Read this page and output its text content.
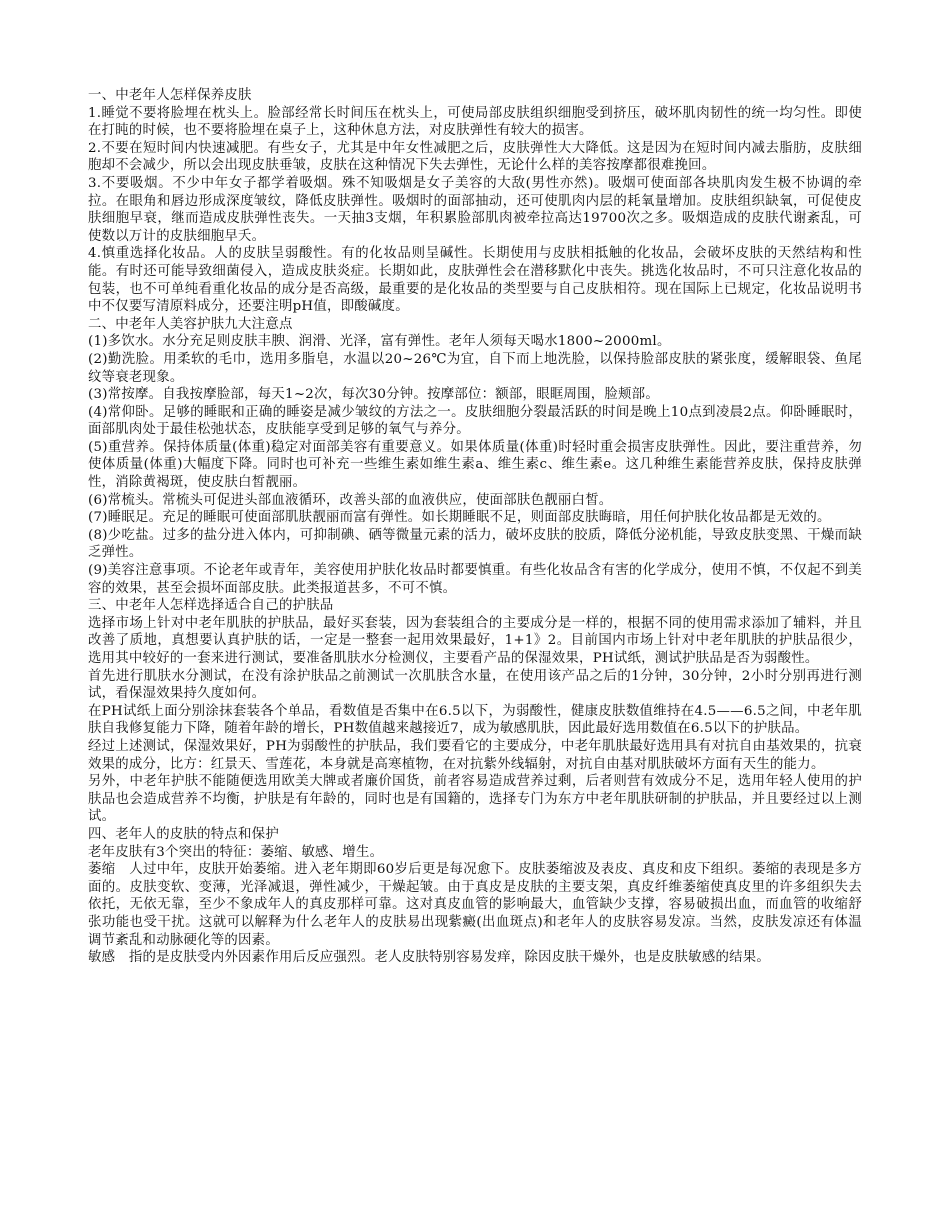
一、中老年人怎样保养皮肤

1.睡觉不要将脸埋在枕头上。脸部经常长时间压在枕头上，可使局部皮肤组织细胞受到挤压，破坏肌肉韧性的统一均匀性。即使在打盹的时候，也不要将脸埋在桌子上，这种休息方法，对皮肤弹性有较大的损害。

2.不要在短时间内快速减肥。有些女子，尤其是中年女性减肥之后，皮肤弹性大大降低。这是因为在短时间内减去脂肪，皮肤细胞却不会减少，所以会出现皮肤垂皱，皮肤在这种情况下失去弹性，无论什么样的美容按摩都很难挽回。

3.不要吸烟。不少中年女子都学着吸烟。殊不知吸烟是女子美容的大敌(男性亦然)。吸烟可使面部各块肌肉发生极不协调的牵拉。在眼角和唇边形成深度皱纹，降低皮肤弹性。吸烟时的面部抽动，还可使肌肉内层的耗氧量增加。皮肤组织缺氧，可促使皮肤细胞早衰，继而造成皮肤弹性丧失。一天抽3支烟，年积累脸部肌肉被牵拉高达19700次之多。吸烟造成的皮肤代谢紊乱，可使数以万计的皮肤细胞早夭。

4.慎重选择化妆品。人的皮肤呈弱酸性。有的化妆品则呈碱性。长期使用与皮肤相抵触的化妆品，会破坏皮肤的天然结构和性能。有时还可能导致细菌侵入，造成皮肤炎症。长期如此，皮肤弹性会在潜移默化中丧失。挑选化妆品时，不可只注意化妆品的包装，也不可单纯看重化妆品的成分是否高级，最重要的是化妆品的类型要与自己皮肤相符。现在国际上已规定，化妆品说明书中不仅要写清原料成分，还要注明pH值，即酸碱度。

二、中老年人美容护肤九大注意点

(1)多饮水。水分充足则皮肤丰腴、润滑、光泽，富有弹性。老年人须每天喝水1800~2000ml。

(2)勤洗脸。用柔软的毛巾，选用多脂皂，水温以20~26℃为宜，自下而上地洗脸，以保持脸部皮肤的紧张度，缓解眼袋、鱼尾纹等衰老现象。

(3)常按摩。自我按摩脸部，每天1~2次，每次30分钟。按摩部位：额部，眼眶周围，脸颊部。

(4)常仰卧。足够的睡眠和正确的睡姿是减少皱纹的方法之一。皮肤细胞分裂最活跃的时间是晚上10点到凌晨2点。仰卧睡眠时，面部肌肉处于最佳松弛状态，皮肤能享受到足够的氧气与养分。

(5)重营养。保持体质量(体重)稳定对面部美容有重要意义。如果体质量(体重)时轻时重会损害皮肤弹性。因此，要注重营养，勿使体质量(体重)大幅度下降。同时也可补充一些维生素如维生素a、维生素c、维生素e。这几种维生素能营养皮肤，保持皮肤弹性，消除黄褐斑，使皮肤白皙靓丽。

(6)常梳头。常梳头可促进头部血液循环，改善头部的血液供应，使面部肤色靓丽白皙。

(7)睡眠足。充足的睡眠可使面部肌肤靓丽而富有弹性。如长期睡眠不足，则面部皮肤晦暗，用任何护肤化妆品都是无效的。

(8)少吃盐。过多的盐分进入体内，可抑制碘、硒等微量元素的活力，破坏皮肤的胶质，降低分泌机能，导致皮肤变黑、干燥而缺乏弹性。

(9)美容注意事项。不论老年或青年，美容使用护肤化妆品时都要慎重。有些化妆品含有害的化学成分，使用不慎，不仅起不到美容的效果，甚至会损坏面部皮肤。此类报道甚多，不可不慎。

三、中老年人怎样选择适合自己的护肤品

选择市场上针对中老年肌肤的护肤品，最好买套装，因为套装组合的主要成分是一样的，根据不同的使用需求添加了辅料，并且改善了质地，真想要认真护肤的话，一定是一整套一起用效果最好，1+1》2。目前国内市场上针对中老年肌肤的护肤品很少，选用其中较好的一套来进行测试，要准备肌肤水分检测仪，主要看产品的保湿效果，PH试纸，测试护肤品是否为弱酸性。

首先进行肌肤水分测试，在没有涂护肤品之前测试一次肌肤含水量，在使用该产品之后的1分钟，30分钟，2小时分别再进行测试，看保湿效果持久度如何。

在PH试纸上面分别涂抹套装各个单品，看数值是否集中在6.5以下，为弱酸性，健康皮肤数值维持在4.5——6.5之间，中老年肌肤自我修复能力下降，随着年龄的增长，PH数值越来越接近7，成为敏感肌肤，因此最好选用数值在6.5以下的护肤品。

经过上述测试，保湿效果好，PH为弱酸性的护肤品，我们要看它的主要成分，中老年肌肤最好选用具有对抗自由基效果的，抗衰效果的成分，比方：红景天、雪莲花，本身就是高寒植物，在对抗紫外线辐射，对抗自由基对肌肤破坏方面有天生的能力。

另外，中老年护肤不能随便选用欧美大牌或者廉价国货，前者容易造成营养过剩，后者则营有效成分不足，选用年轻人使用的护肤品也会造成营养不均衡，护肤是有年龄的，同时也是有国籍的，选择专门为东方中老年肌肤研制的护肤品，并且要经过以上测试。

四、老年人的皮肤的特点和保护

老年皮肤有3个突出的特征：萎缩、敏感、增生。

萎缩　人过中年，皮肤开始萎缩。进入老年期即60岁后更是每况愈下。皮肤萎缩波及表皮、真皮和皮下组织。萎缩的表现是多方面的。皮肤变软、变薄，光泽减退，弹性减少，干燥起皱。由于真皮是皮肤的主要支架，真皮纤维萎缩使真皮里的许多组织失去依托，无依无靠，至少不象成年人的真皮那样可靠。这对真皮血管的影响最大，血管缺少支撑，容易破损出血，而血管的收缩舒张功能也受干扰。这就可以解释为什么老年人的皮肤易出现紫癜(出血斑点)和老年人的皮肤容易发凉。当然，皮肤发凉还有体温调节紊乱和动脉硬化等的因素。

敏感　指的是皮肤受内外因素作用后反应强烈。老人皮肤特别容易发痒，除因皮肤干燥外，也是皮肤敏感的结果。
